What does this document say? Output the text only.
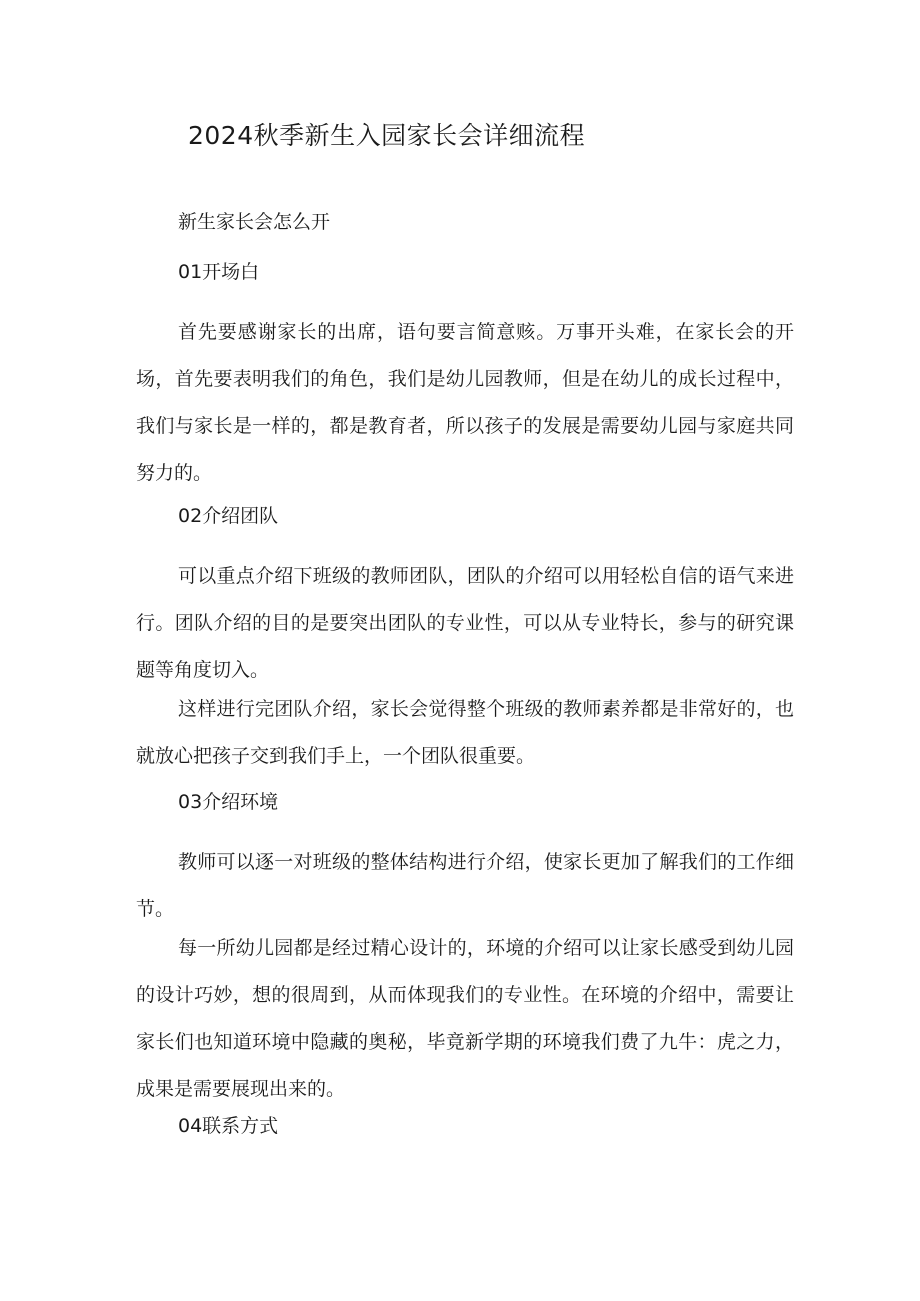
2024秋季新生入园家长会详细流程
新生家长会怎么开
01开场白

首先要感谢家长的出席，语句要言简意赅。万事开头难，在家长会的开场，首先要表明我们的角色，我们是幼儿园教师，但是在幼儿的成长过程中，我们与家长是一样的，都是教育者，所以孩子的发展是需要幼儿园与家庭共同努力的。

02介绍团队

可以重点介绍下班级的教师团队，团队的介绍可以用轻松自信的语气来进行。团队介绍的目的是要突出团队的专业性，可以从专业特长，参与的研究课题等角度切入。

这样进行完团队介绍，家长会觉得整个班级的教师素养都是非常好的，也就放心把孩子交到我们手上，一个团队很重要。

03介绍环境

教师可以逐一对班级的整体结构进行介绍，使家长更加了解我们的工作细节。

每一所幼儿园都是经过精心设计的，环境的介绍可以让家长感受到幼儿园的设计巧妙，想的很周到，从而体现我们的专业性。在环境的介绍中，需要让家长们也知道环境中隐藏的奥秘，毕竟新学期的环境我们费了九牛：虎之力，成果是需要展现出来的。

04联系方式
